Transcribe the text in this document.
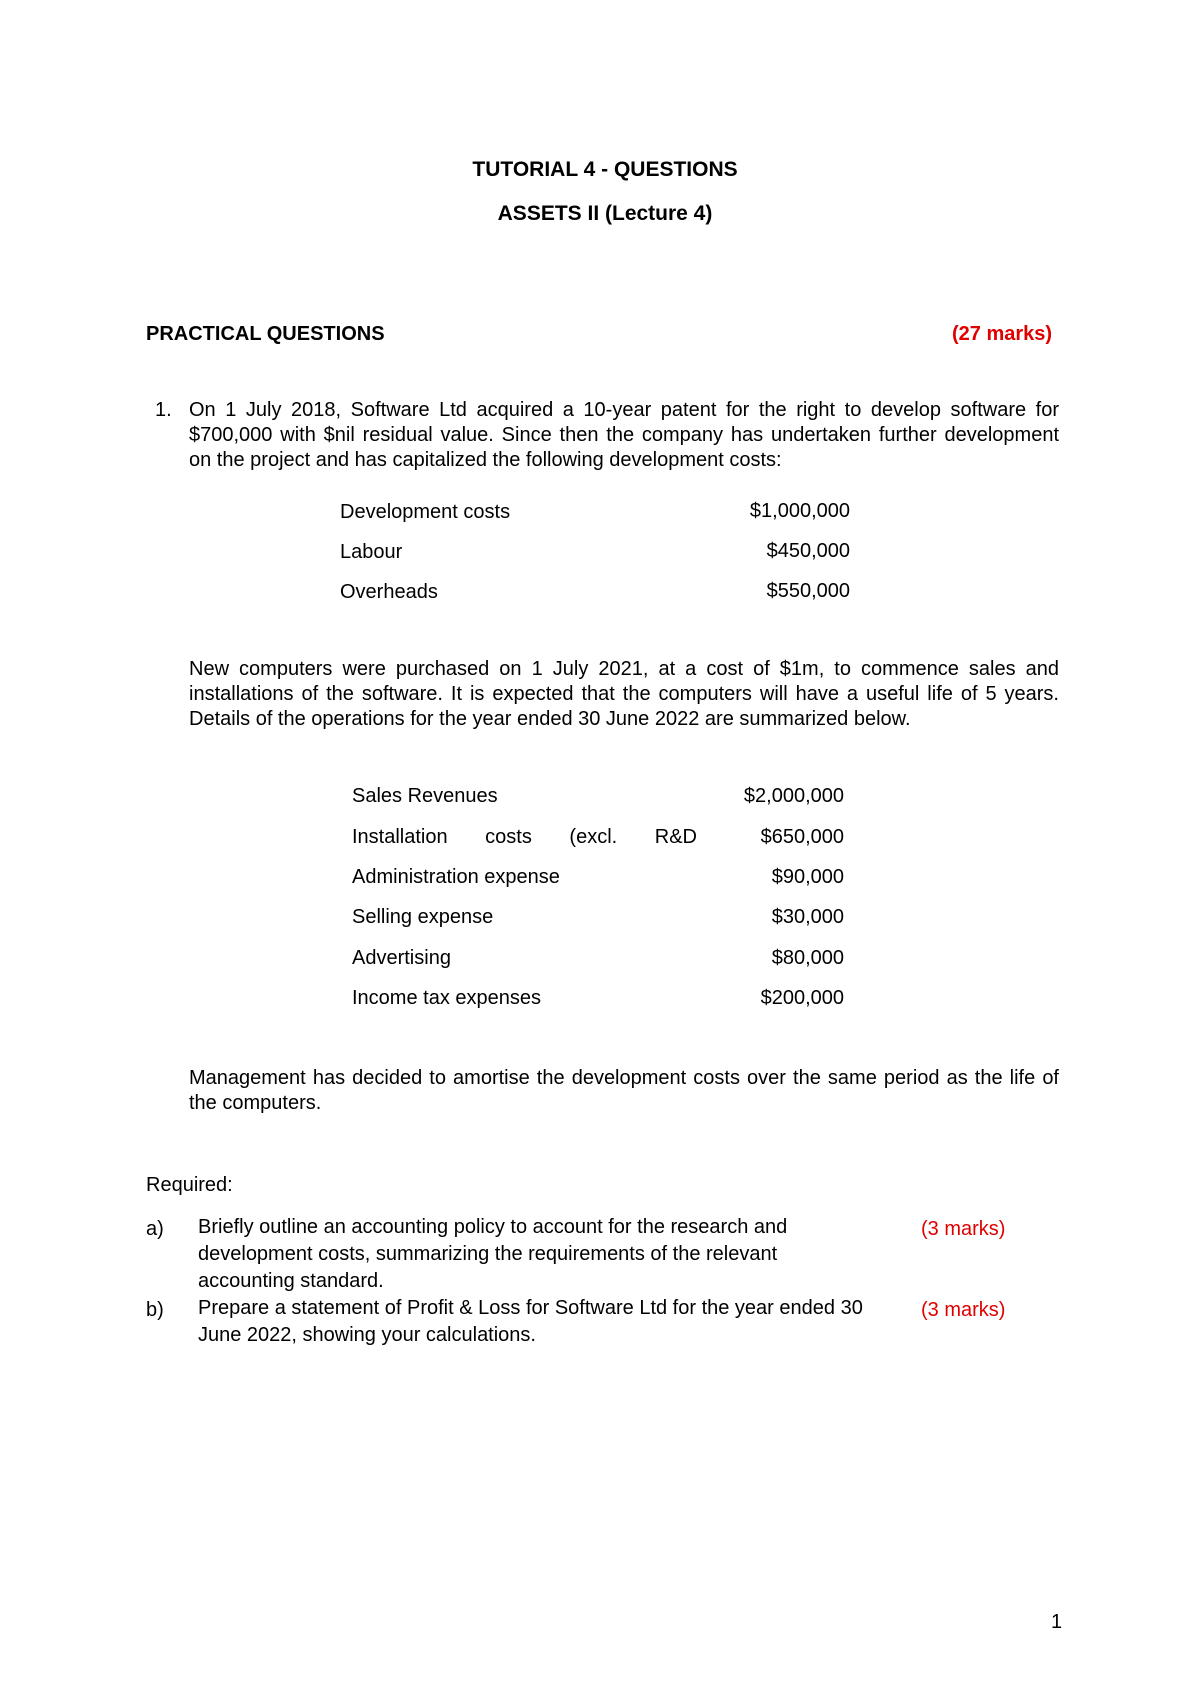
TUTORIAL 4 - QUESTIONS
ASSETS II (Lecture 4)
PRACTICAL QUESTIONS	(27 marks)
1. On 1 July 2018, Software Ltd acquired a 10-year patent for the right to develop software for $700,000 with $nil residual value. Since then the company has undertaken further development on the project and has capitalized the following development costs:
Development costs	$1,000,000
Labour	$450,000
Overheads	$550,000
New computers were purchased on 1 July 2021, at a cost of $1m, to commence sales and installations of the software. It is expected that the computers will have a useful life of 5 years. Details of the operations for the year ended 30 June 2022 are summarized below.
Sales Revenues	$2,000,000
Installation costs (excl. R&D	$650,000
Administration expense	$90,000
Selling expense	$30,000
Advertising	$80,000
Income tax expenses	$200,000
Management has decided to amortise the development costs over the same period as the life of the computers.
Required:
a) Briefly outline an accounting policy to account for the research and development costs, summarizing the requirements of the relevant accounting standard.
(3 marks)
b) Prepare a statement of Profit & Loss for Software Ltd for the year ended 30 June 2022, showing your calculations.
(3 marks)
1
